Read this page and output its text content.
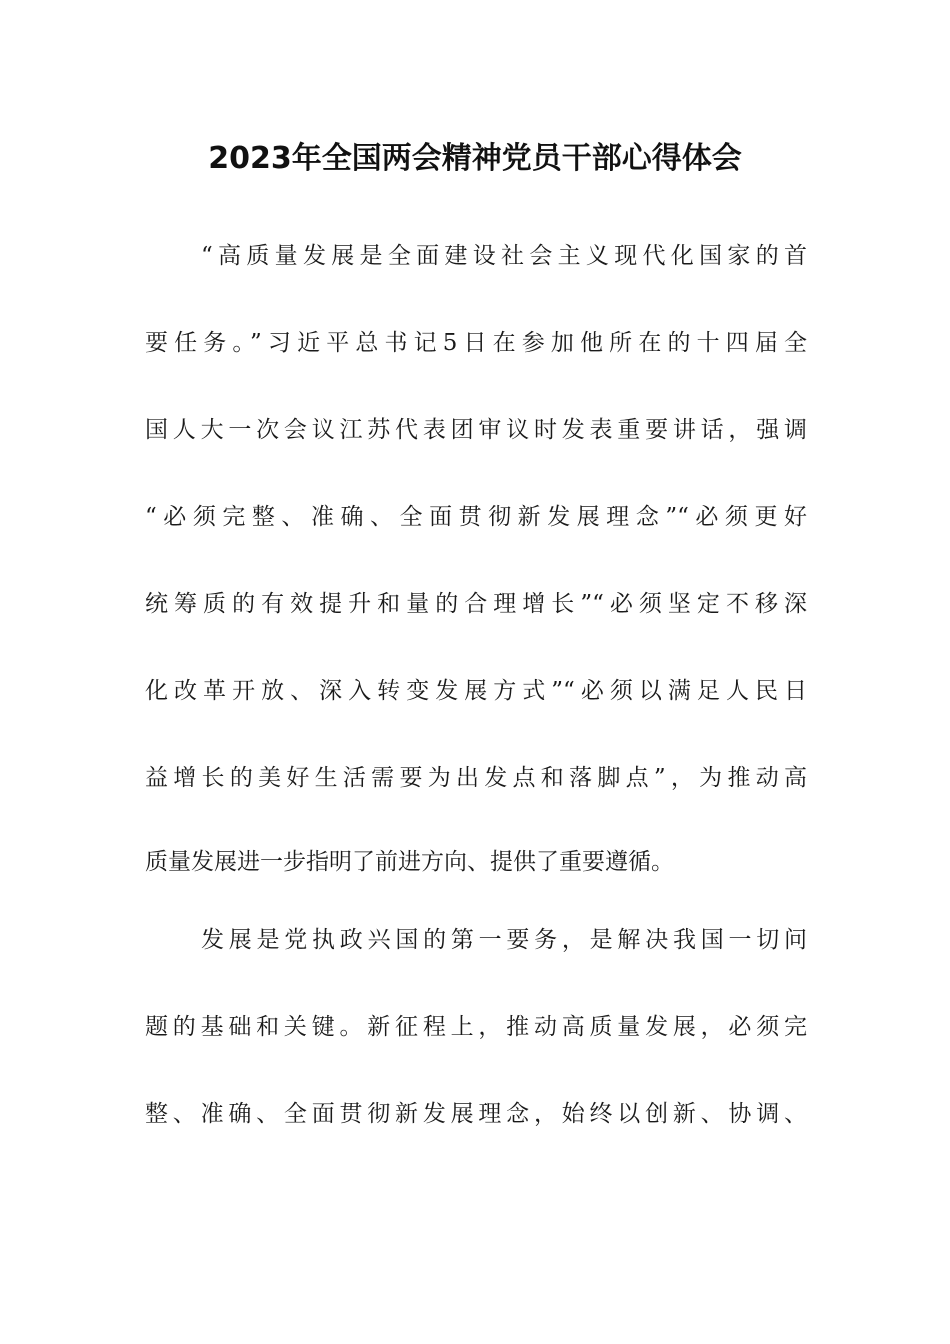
2023年全国两会精神党员干部心得体会
“高质量发展是全面建设社会主义现代化国家的首
要任务。”习近平总书记5日在参加他所在的十四届全
国人大一次会议江苏代表团审议时发表重要讲话，强调
“必须完整、准确、全面贯彻新发展理念”“必须更好
统筹质的有效提升和量的合理增长”“必须坚定不移深
化改革开放、深入转变发展方式”“必须以满足人民日
益增长的美好生活需要为出发点和落脚点”，为推动高
质量发展进一步指明了前进方向、提供了重要遵循。
发展是党执政兴国的第一要务，是解决我国一切问
题的基础和关键。新征程上，推动高质量发展，必须完
整、准确、全面贯彻新发展理念，始终以创新、协调、
